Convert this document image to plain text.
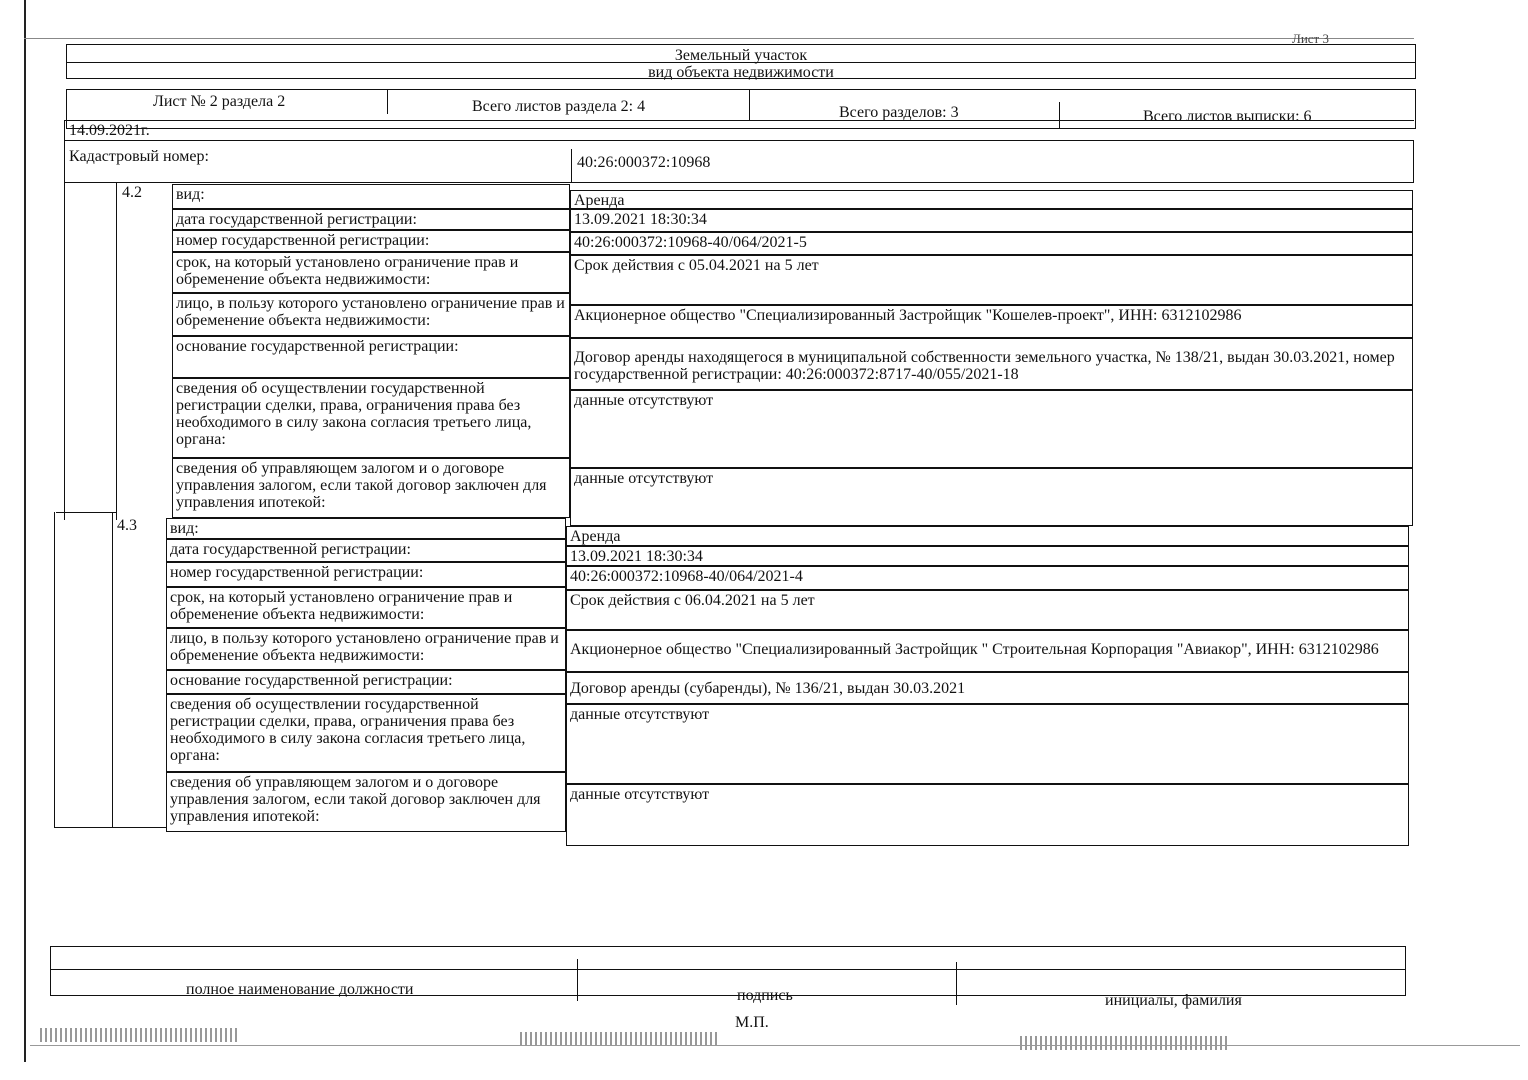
Лист 3
Земельный участок
вид объекта недвижимости
Лист № 2 раздела 2	Всего листов раздела 2: 4	Всего разделов: 3	Всего листов выписки: 6
14.09.2021г.
Кадастровый номер:	40:26:000372:10968
4.2 вид:	Аренда
дата государственной регистрации:	13.09.2021 18:30:34
номер государственной регистрации:	40:26:000372:10968-40/064/2021-5
срок, на который установлено ограничение прав и обременение объекта недвижимости:
Срок действия с 05.04.2021 на 5 лет
лицо, в пользу которого установлено ограничение прав и обременение объекта недвижимости:	Акционерное общество "Специализированный Застройщик "Кошелев-проект", ИНН: 6312102986
основание государственной регистрации:
Договор аренды находящегося в муниципальной собственности земельного участка, № 138/21, выдан 30.03.2021, номер государственной регистрации: 40:26:000372:8717-40/055/2021-18
сведения об осуществлении государственной регистрации сделки, права, ограничения права без необходимого в силу закона согласия третьего лица, органа:
данные отсутствуют
сведения об управляющем залогом и о договоре управления залогом, если такой договор заключен для управления ипотекой:
данные отсутствуют
4.3 вид:	Аренда
дата государственной регистрации:	13.09.2021 18:30:34
номер государственной регистрации:	40:26:000372:10968-40/064/2021-4
срок, на который установлено ограничение прав и обременение объекта недвижимости:
Срок действия с 06.04.2021 на 5 лет
лицо, в пользу которого установлено ограничение прав и обременение объекта недвижимости:	Акционерное общество "Специализированный Застройщик " Строительная Корпорация "Авиакор", ИНН: 6312102986
основание государственной регистрации:	Договор аренды (субаренды), № 136/21, выдан 30.03.2021
сведения об осуществлении государственной регистрации сделки, права, ограничения права без необходимого в силу закона согласия третьего лица, органа:
данные отсутствуют
сведения об управляющем залогом и о договоре управления залогом, если такой договор заключен для управления ипотекой:
данные отсутствуют
полное наименование должности	подпись	инициалы, фамилия
М.П.
